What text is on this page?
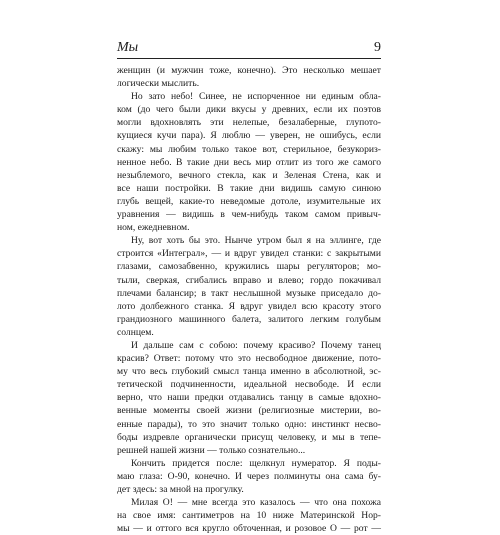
Мы	9
женщин (и мужчин тоже, конечно). Это несколько мешает
логически мыслить.
Но зато небо! Синее, не испорченное ни единым обла-
ком (до чего были дики вкусы у древних, если их поэтов
могли вдохновлять эти нелепые, безалаберные, глупото-
кущиеся кучи пара). Я люблю — уверен, не ошибусь, если
скажу: мы любим только такое вот, стерильное, безукориз-
ненное небо. В такие дни весь мир отлит из того же самого
незыблемого, вечного стекла, как и Зеленая Стена, как и
все наши постройки. В такие дни видишь самую синюю
глубь вещей, какие-то неведомые дотоле, изумительные их
уравнения — видишь в чем-нибудь таком самом привыч-
ном, ежедневном.
Ну, вот хоть бы это. Нынче утром был я на эллинге, где
строится «Интеграл», — и вдруг увидел станки: с закрытыми
глазами, самозабвенно, кружились шары регуляторов; мо-
тыли, сверкая, сгибались вправо и влево; гордо покачивал
плечами балансир; в такт неслышной музыке приседало до-
лото долбежного станка. Я вдруг увидел всю красоту этого
грандиозного машинного балета, залитого легким голубым
солнцем.
И дальше сам с собою: почему красиво? Почему танец
красив? Ответ: потому что это несвободное движение, пото-
му что весь глубокий смысл танца именно в абсолютной, эс-
тетической подчиненности, идеальной несвободе. И если
верно, что наши предки отдавались танцу в самые вдохно-
венные моменты своей жизни (религиозные мистерии, во-
енные парады), то это значит только одно: инстинкт несво-
боды издревле органически присущ человеку, и мы в тепе-
решней нашей жизни — только сознательно...
Кончить придется после: щелкнул нумератор. Я поды-
маю глаза: О-90, конечно. И через полминуты она сама бу-
дет здесь: за мной на прогулку.
Милая О! — мне всегда это казалось — что она похожа
на свое имя: сантиметров на 10 ниже Материнской Нор-
мы — и оттого вся кругло обточенная, и розовое О — рот —
